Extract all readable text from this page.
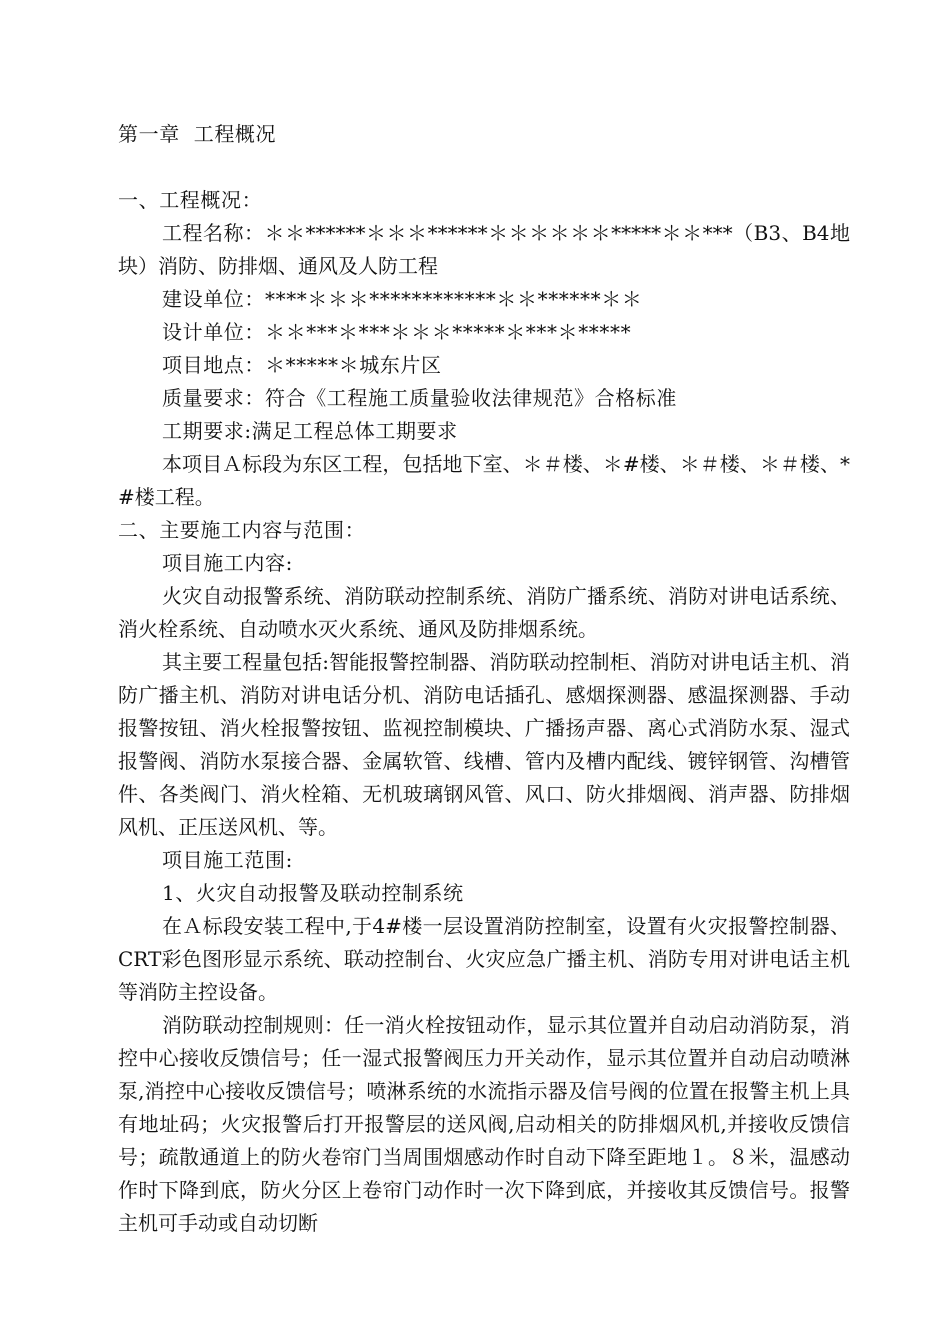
第一章  工程概况
一、工程概况：

工程名称：＊＊******＊＊＊******＊＊＊＊＊＊*****＊＊***（B3、B4地块）消防、防排烟、通风及人防工程

建设单位：****＊＊＊************＊＊******＊＊
设计单位：＊＊***＊***＊＊＊*****＊***＊*****
项目地点：＊*****＊城东片区
质量要求：符合《工程施工质量验收法律规范》合格标准
工期要求:满足工程总体工期要求

本项目Ａ标段为东区工程，包括地下室、＊＃楼、＊#楼、＊＃楼、＊＃楼、*#楼工程。

二、主要施工内容与范围：
项目施工内容:

火灾自动报警系统、消防联动控制系统、消防广播系统、消防对讲电话系统、消火栓系统、自动喷水灭火系统、通风及防排烟系统。

其主要工程量包括:智能报警控制器、消防联动控制柜、消防对讲电话主机、消防广播主机、消防对讲电话分机、消防电话插孔、感烟探测器、感温探测器、手动报警按钮、消火栓报警按钮、监视控制模块、广播扬声器、离心式消防水泵、湿式报警阀、消防水泵接合器、金属软管、线槽、管内及槽内配线、镀锌钢管、沟槽管件、各类阀门、消火栓箱、无机玻璃钢风管、风口、防火排烟阀、消声器、防排烟风机、正压送风机、等。

项目施工范围:
1、火灾自动报警及联动控制系统

在Ａ标段安装工程中,于4#楼一层设置消防控制室，设置有火灾报警控制器、CRT彩色图形显示系统、联动控制台、火灾应急广播主机、消防专用对讲电话主机等消防主控设备。

消防联动控制规则：任一消火栓按钮动作，显示其位置并自动启动消防泵，消控中心接收反馈信号；任一湿式报警阀压力开关动作，显示其位置并自动启动喷淋泵,消控中心接收反馈信号；喷淋系统的水流指示器及信号阀的位置在报警主机上具有地址码；火灾报警后打开报警层的送风阀,启动相关的防排烟风机,并接收反馈信号；疏散通道上的防火卷帘门当周围烟感动作时自动下降至距地１。８米，温感动作时下降到底，防火分区上卷帘门动作时一次下降到底，并接收其反馈信号。报警主机可手动或自动切断
